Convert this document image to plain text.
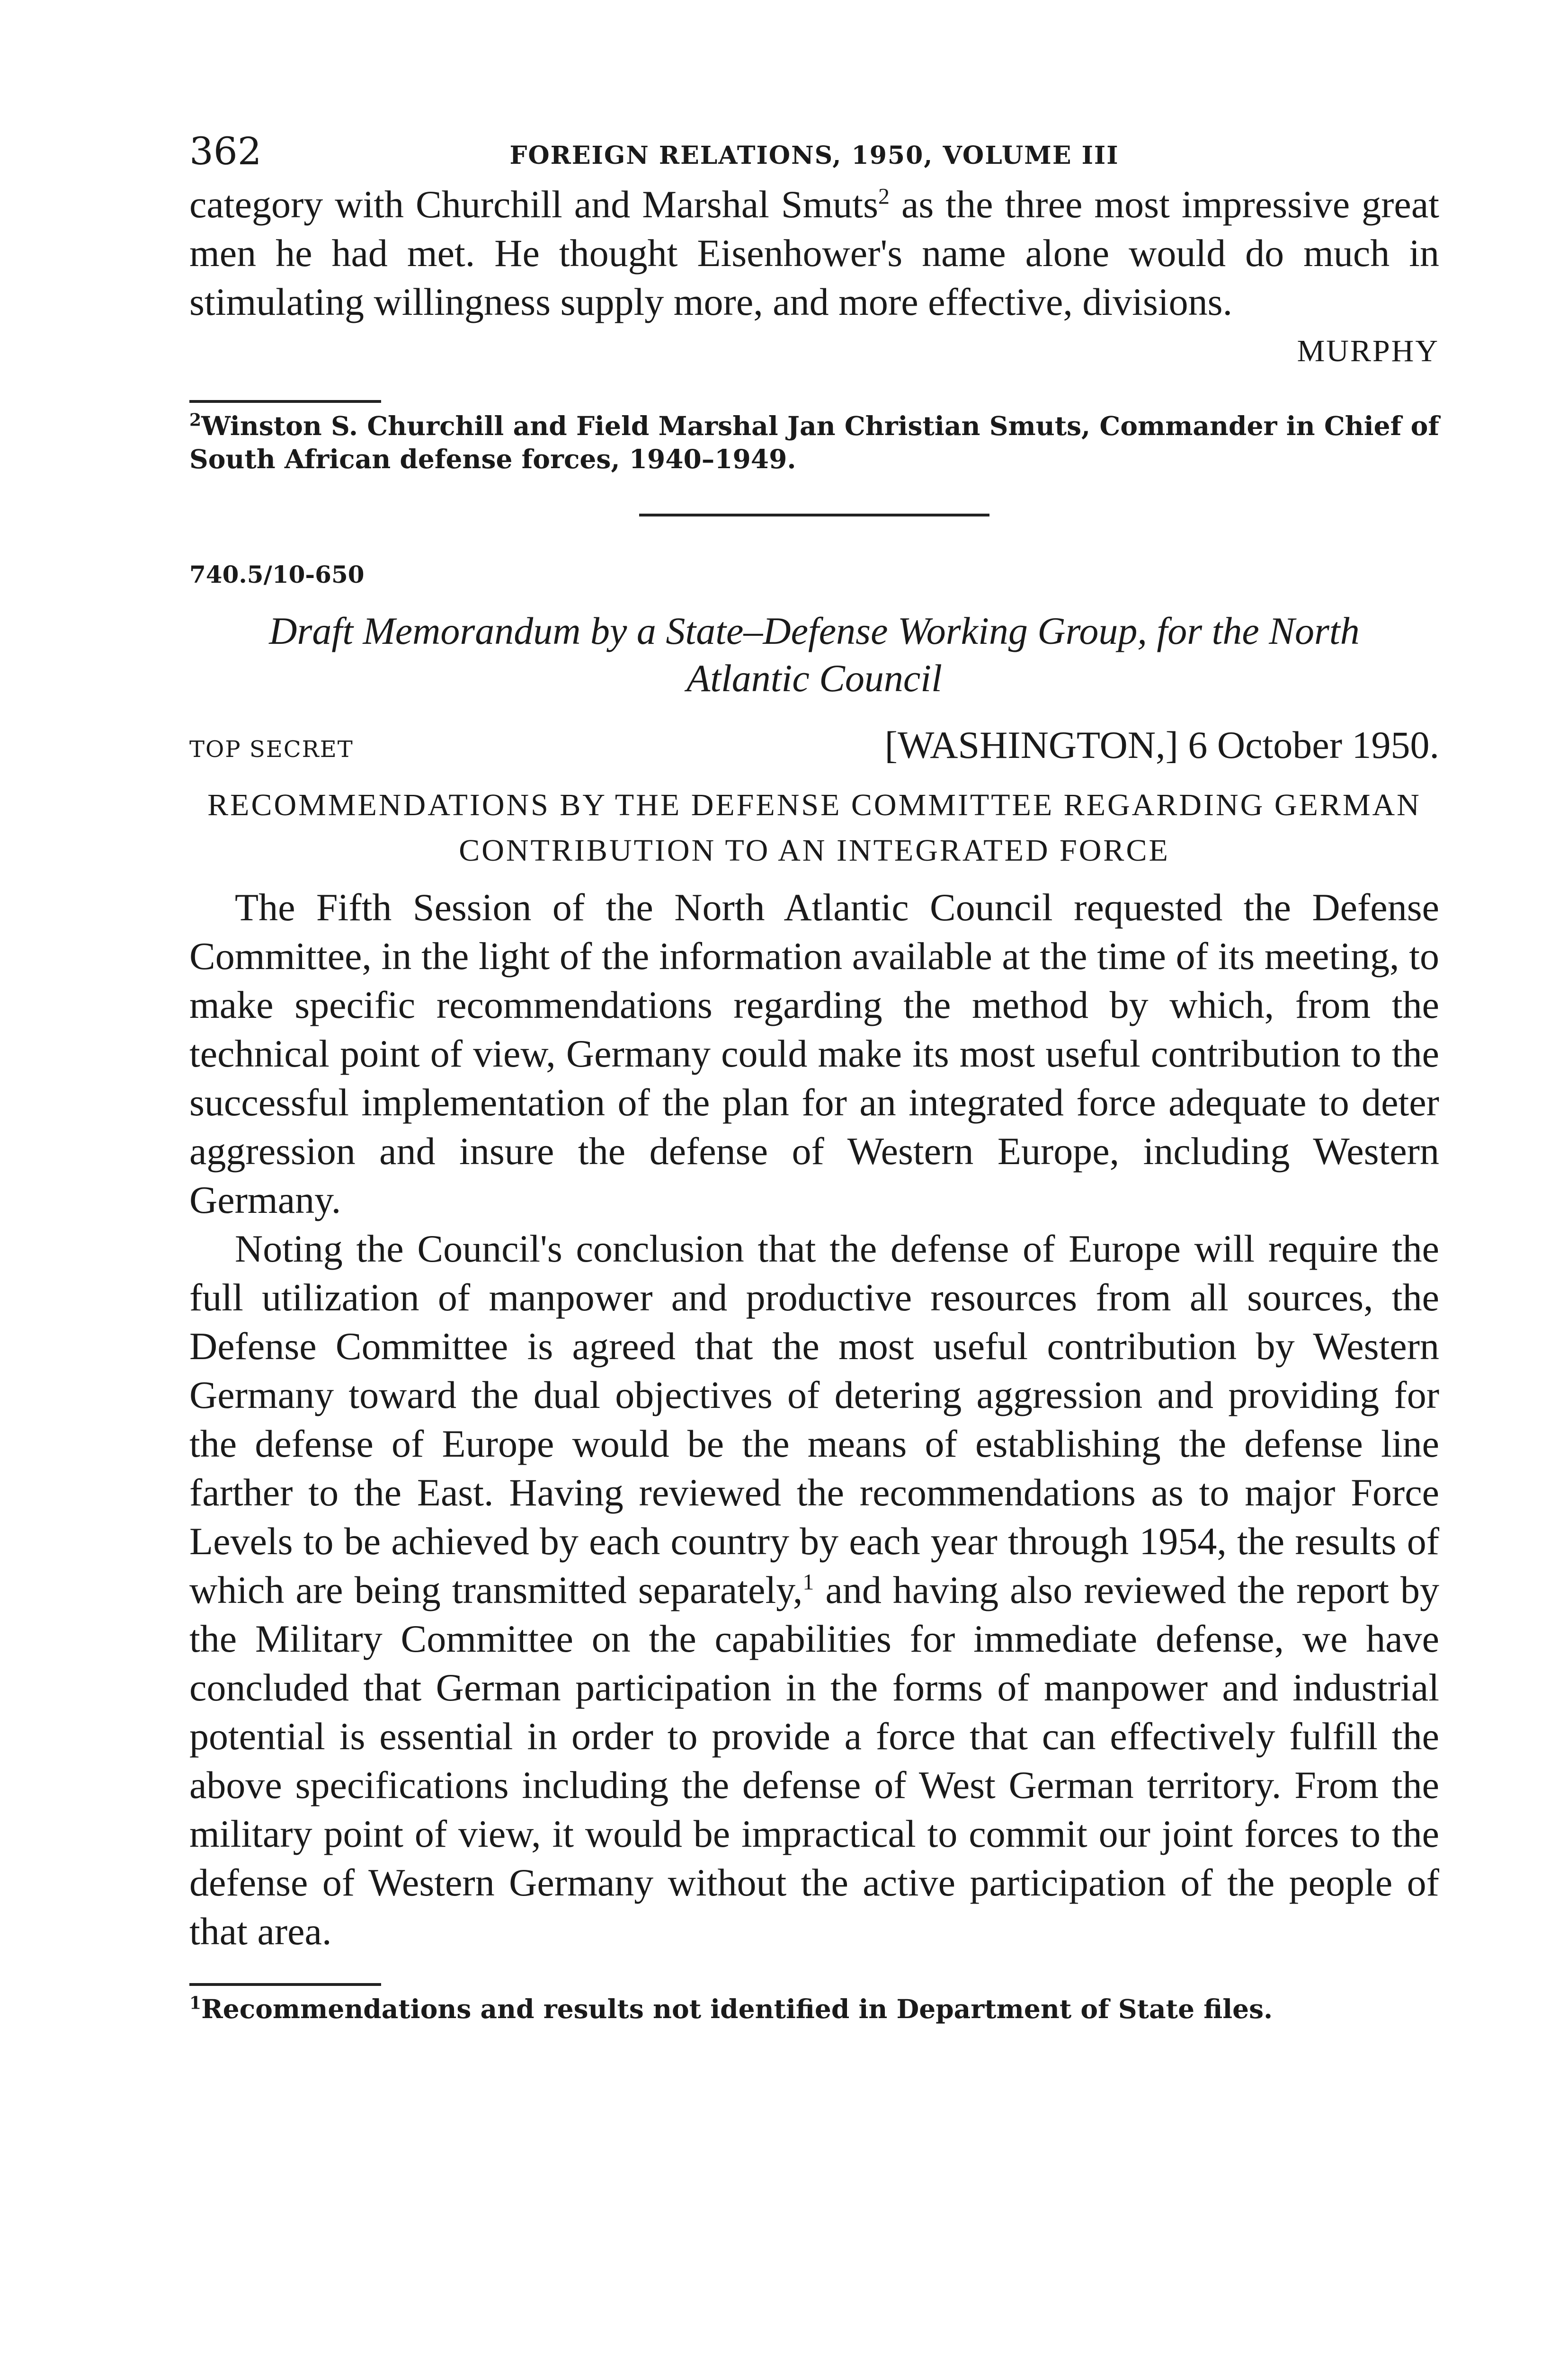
362	FOREIGN RELATIONS, 1950, VOLUME III

category with Churchill and Marshal Smuts$^2$ as the three most impressive great men he had met. He thought Eisenhower's name alone would do much in stimulating willingness supply more, and more effective, divisions.

MURPHY

$^2$Winston S. Churchill and Field Marshal Jan Christian Smuts, Commander in Chief of South African defense forces, 1940–1949.

740.5/10-650
Draft Memorandum by a State–Defense Working Group, for the North
Atlantic Council
TOP SECRET	[WASHINGTON,] 6 October 1950.
RECOMMENDATIONS BY THE DEFENSE COMMITTEE REGARDING GERMAN
CONTRIBUTION TO AN INTEGRATED FORCE

The Fifth Session of the North Atlantic Council requested the Defense Committee, in the light of the information available at the time of its meeting, to make specific recommendations regarding the method by which, from the technical point of view, Germany could make its most useful contribution to the successful implementation of the plan for an integrated force adequate to deter aggression and insure the defense of Western Europe, including Western Germany.

Noting the Council's conclusion that the defense of Europe will require the full utilization of manpower and productive resources from all sources, the Defense Committee is agreed that the most useful contribution by Western Germany toward the dual objectives of detering aggression and providing for the defense of Europe would be the means of establishing the defense line farther to the East. Having reviewed the recommendations as to major Force Levels to be achieved by each country by each year through 1954, the results of which are being transmitted separately,$^1$ and having also reviewed the report by the Military Committee on the capabilities for immediate defense, we have concluded that German participation in the forms of manpower and industrial potential is essential in order to provide a force that can effectively fulfill the above specifications including the defense of West German territory. From the military point of view, it would be impractical to commit our joint forces to the defense of Western Germany without the active participation of the people of that area.

$^1$Recommendations and results not identified in Department of State files.
